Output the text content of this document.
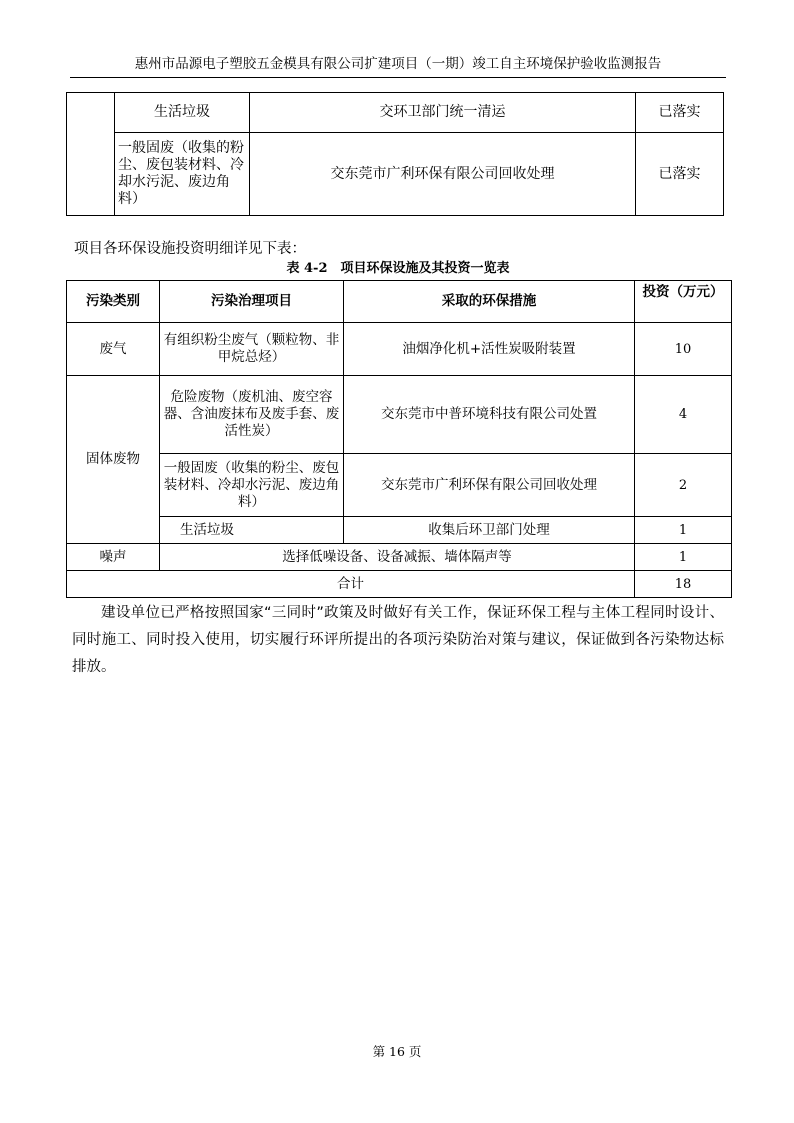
惠州市品源电子塑胶五金模具有限公司扩建项目（一期）竣工自主环境保护验收监测报告
	生活垃圾	交环卫部门统一清运	已落实
	一般固废（收集的粉尘、废包装材料、冷却水污泥、废边角料）	交东莞市广利环保有限公司回收处理	已落实
项目各环保设施投资明细详见下表：
表 4-2　项目环保设施及其投资一览表
污染类别	污染治理项目	采取的环保措施	投资（万元）
废气	有组织粉尘废气（颗粒物、非甲烷总烃）	油烟净化机+活性炭吸附装置	10
固体废物	危险废物（废机油、废空容器、含油废抹布及废手套、废活性炭）	交东莞市中普环境科技有限公司处置	4
	一般固废（收集的粉尘、废包装材料、冷却水污泥、废边角料）	交东莞市广利环保有限公司回收处理	2
	生活垃圾	收集后环卫部门处理	1
噪声	选择低噪设备、设备减振、墙体隔声等		1
合计			18
建设单位已严格按照国家“三同时”政策及时做好有关工作，保证环保工程与主体工程同时设计、同时施工、同时投入使用，切实履行环评所提出的各项污染防治对策与建议，保证做到各污染物达标排放。
第 16 页
